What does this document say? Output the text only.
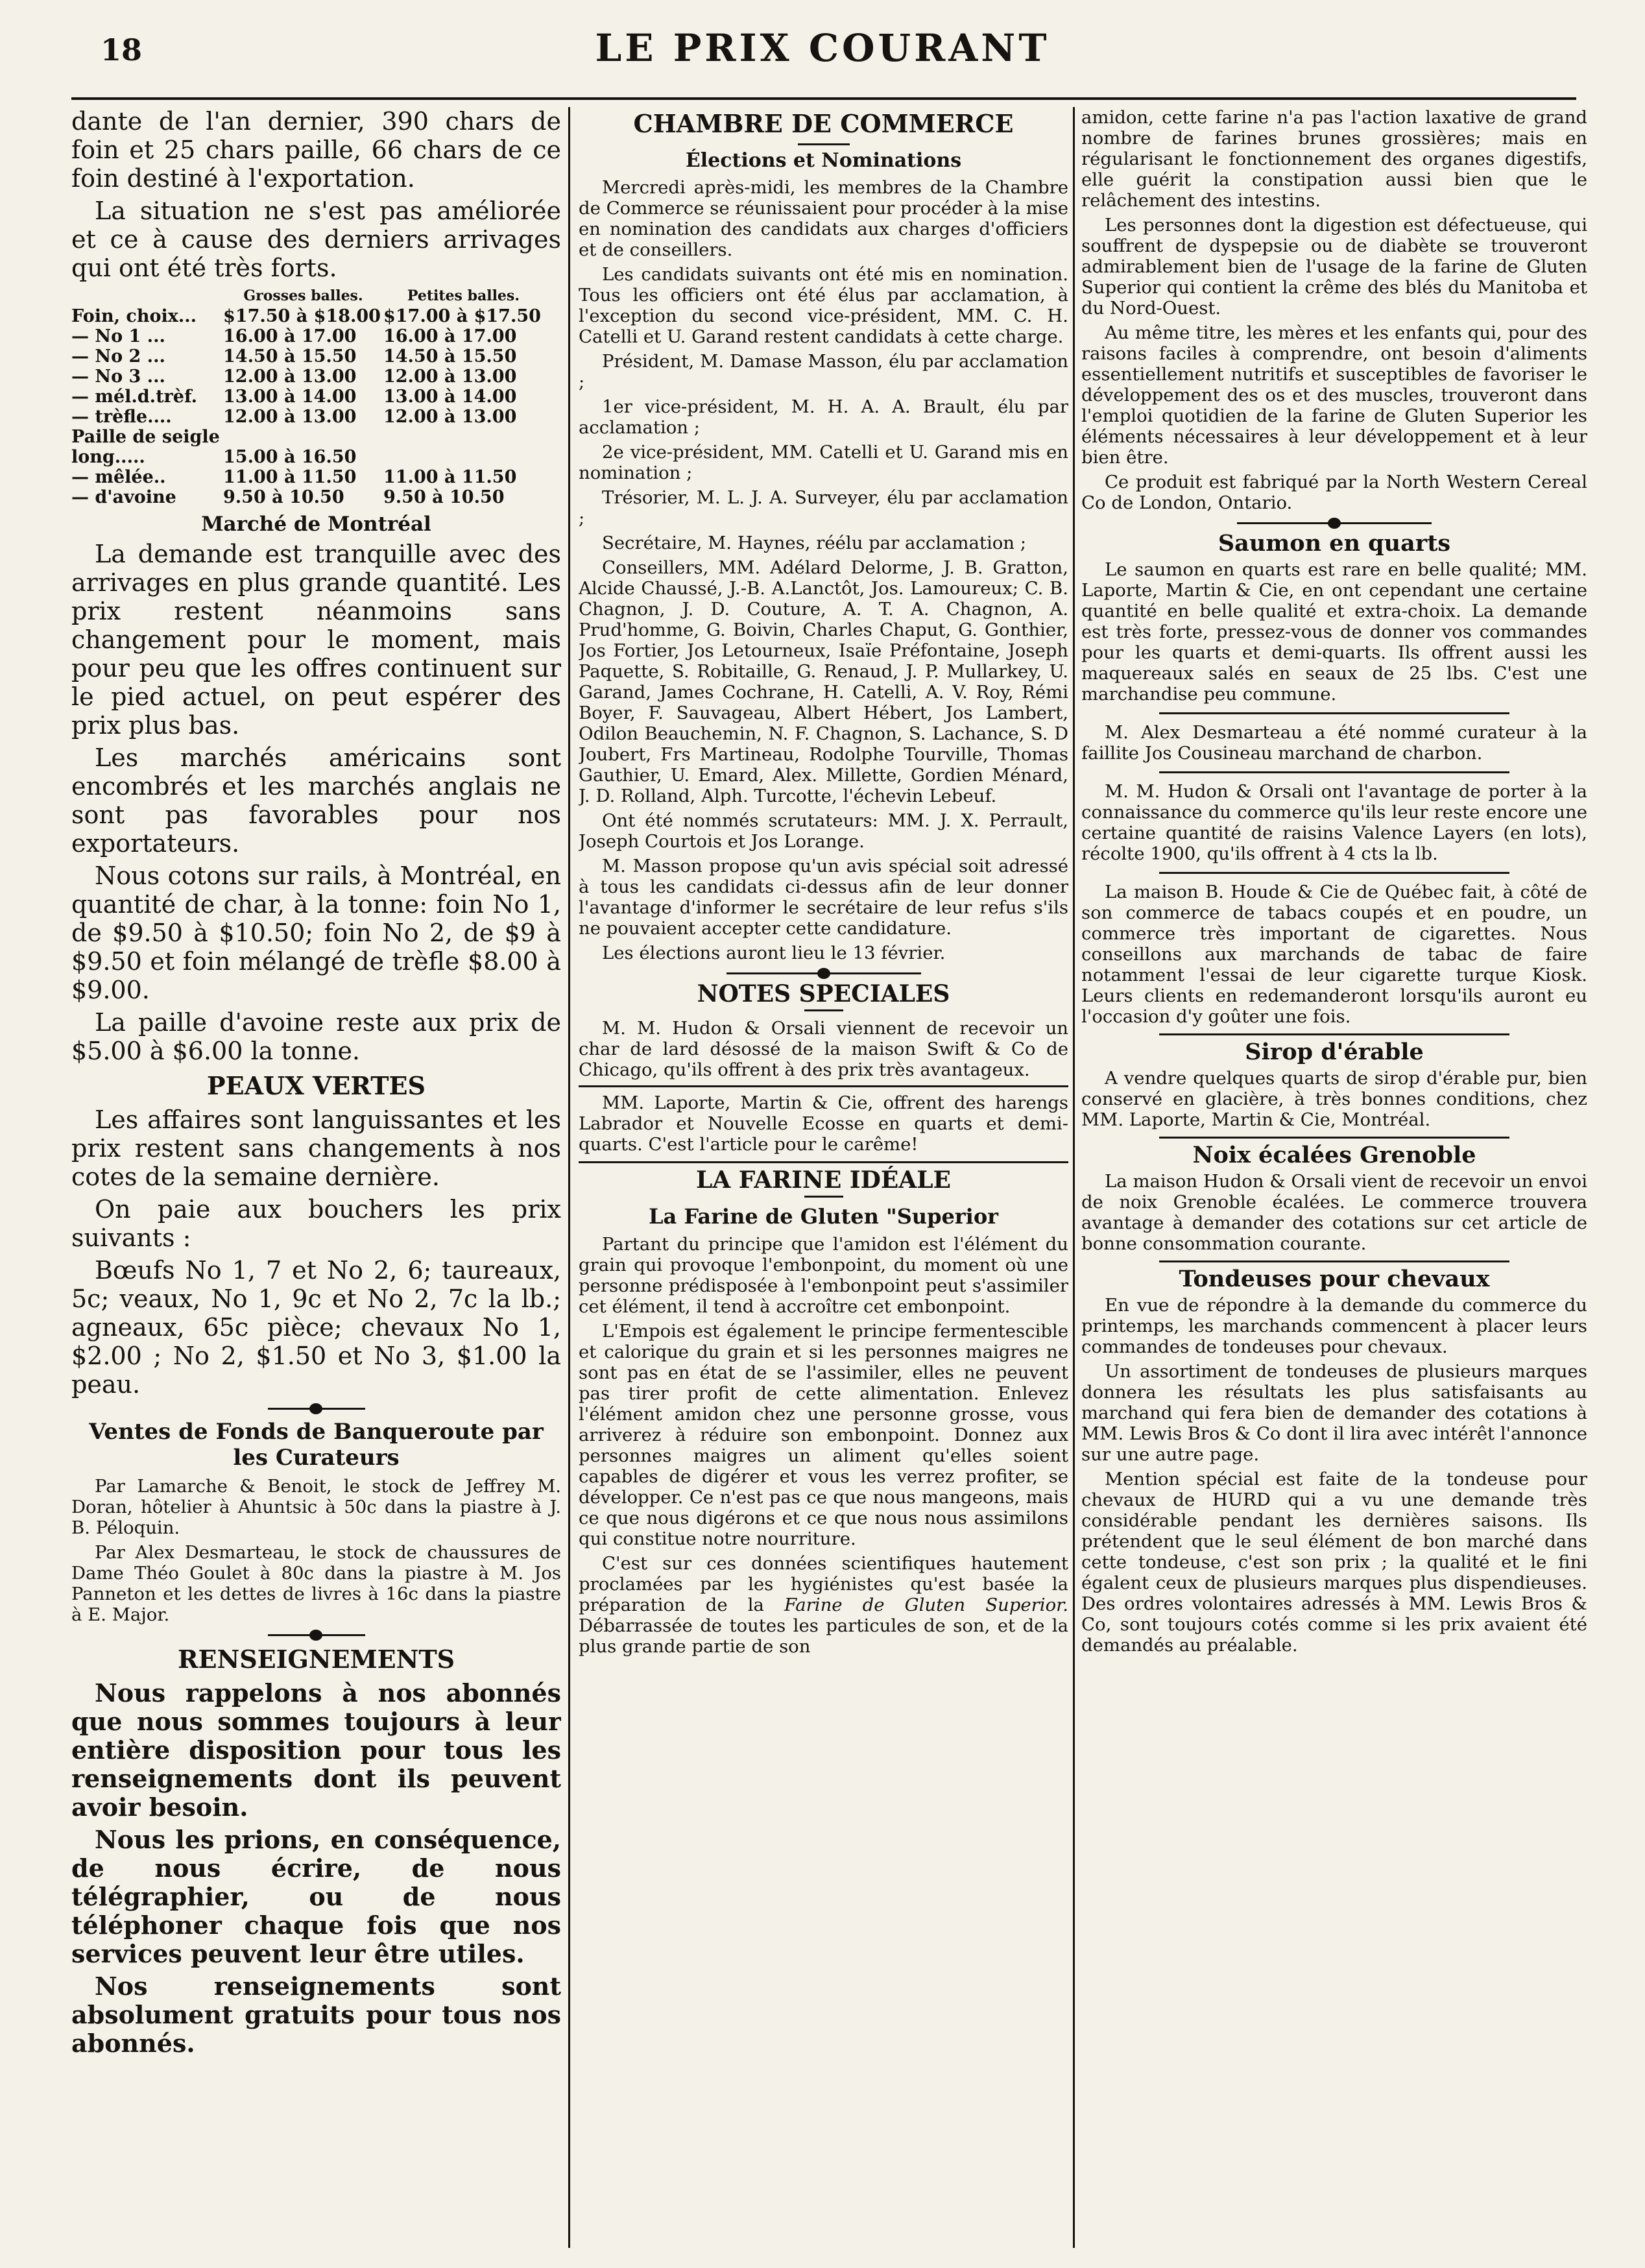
18	LE PRIX COURANT

dante de l'an dernier, 390 chars de foin et 25 chars paille, 66 chars de ce foin destiné à l'exportation.

La situation ne s'est pas améliorée et ce à cause des derniers arrivages qui ont été très forts.

	Grosses balles.	Petites balles.
Foin, choix...	$17.50 à $18.00	$17.00 à $17.50
— No 1 ...	16.00 à 17.00	16.00 à 17.00
— No 2 ...	14.50 à 15.50	14.50 à 15.50
— No 3 ...	12.00 à 13.00	12.00 à 13.00
— mél.d.trèf.	13.00 à 14.00	13.00 à 14.00
— trèfle....	12.00 à 13.00	12.00 à 13.00
Paille de seigle long.....	15.00 à 16.50	
— mêlée..	11.00 à 11.50	11.00 à 11.50
— d'avoine	9.50 à 10.50	9.50 à 10.50
Marché de Montréal

La demande est tranquille avec des arrivages en plus grande quantité. Les prix restent néanmoins sans changement pour le moment, mais pour peu que les offres continuent sur le pied actuel, on peut espérer des prix plus bas.

Les marchés américains sont encombrés et les marchés anglais ne sont pas favorables pour nos exportateurs.

Nous cotons sur rails, à Montréal, en quantité de char, à la tonne: foin No 1, de $9.50 à $10.50; foin No 2, de $9 à $9.50 et foin mélangé de trèfle $8.00 à $9.00.

La paille d'avoine reste aux prix de $5.00 à $6.00 la tonne.

PEAUX VERTES

Les affaires sont languissantes et les prix restent sans changements à nos cotes de la semaine dernière.

On paie aux bouchers les prix suivants :

Bœufs No 1, 7 et No 2, 6; taureaux, 5c; veaux, No 1, 9c et No 2, 7c la lb.; agneaux, 65c pièce; chevaux No 1, $2.00 ; No 2, $1.50 et No 3, $1.00 la peau.

Ventes de Fonds de Banqueroute par les Curateurs

Par Lamarche & Benoit, le stock de Jeffrey M. Doran, hôtelier à Ahuntsic à 50c dans la piastre à J. B. Péloquin.

Par Alex Desmarteau, le stock de chaussures de Dame Théo Goulet à 80c dans la piastre à M. Jos Panneton et les dettes de livres à 16c dans la piastre à E. Major.

RENSEIGNEMENTS

Nous rappelons à nos abonnés que nous sommes toujours à leur entière disposition pour tous les renseignements dont ils peuvent avoir besoin.

Nous les prions, en conséquence, de nous écrire, de nous télégraphier, ou de nous téléphoner chaque fois que nos services peuvent leur être utiles.

Nos renseignements sont absolument gratuits pour tous nos abonnés.

CHAMBRE DE COMMERCE
Élections et Nominations

Mercredi après-midi, les membres de la Chambre de Commerce se réunissaient pour procéder à la mise en nomination des candidats aux charges d'officiers et de conseillers.

Les candidats suivants ont été mis en nomination. Tous les officiers ont été élus par acclamation, à l'exception du second vice-président, MM. C. H. Catelli et U. Garand restent candidats à cette charge.

Président, M. Damase Masson, élu par acclamation ;

1er vice-président, M. H. A. A. Brault, élu par acclamation ;

2e vice-président, MM. Catelli et U. Garand mis en nomination ;

Trésorier, M. L. J. A. Surveyer, élu par acclamation ;

Secrétaire, M. Haynes, réélu par acclamation ;

Conseillers, MM. Adélard Delorme, J. B. Gratton, Alcide Chaussé, J.-B. A.Lanctôt, Jos. Lamoureux; C. B. Chagnon, J. D. Couture, A. T. A. Chagnon, A. Prud'homme, G. Boivin, Charles Chaput, G. Gonthier, Jos Fortier, Jos Letourneux, Isaïe Préfontaine, Joseph Paquette, S. Robitaille, G. Renaud, J. P. Mullarkey, U. Garand, James Cochrane, H. Catelli, A. V. Roy, Rémi Boyer, F. Sauvageau, Albert Hébert, Jos Lambert, Odilon Beauchemin, N. F. Chagnon, S. Lachance, S. D Joubert, Frs Martineau, Rodolphe Tourville, Thomas Gauthier, U. Emard, Alex. Millette, Gordien Ménard, J. D. Rolland, Alph. Turcotte, l'échevin Lebeuf.

Ont été nommés scrutateurs: MM. J. X. Perrault, Joseph Courtois et Jos Lorange.

M. Masson propose qu'un avis spécial soit adressé à tous les candidats ci-dessus afin de leur donner l'avantage d'informer le secrétaire de leur refus s'ils ne pouvaient accepter cette candidature.

Les élections auront lieu le 13 février.

NOTES SPECIALES

M. M. Hudon & Orsali viennent de recevoir un char de lard désossé de la maison Swift & Co de Chicago, qu'ils offrent à des prix très avantageux.

MM. Laporte, Martin & Cie, offrent des harengs Labrador et Nouvelle Ecosse en quarts et demi-quarts. C'est l'article pour le carême!

LA FARINE IDÉALE
La Farine de Gluten "Superior

Partant du principe que l'amidon est l'élément du grain qui provoque l'embonpoint, du moment où une personne prédisposée à l'embonpoint peut s'assimiler cet élément, il tend à accroître cet embonpoint.

L'Empois est également le principe fermentescible et calorique du grain et si les personnes maigres ne sont pas en état de se l'assimiler, elles ne peuvent pas tirer profit de cette alimentation. Enlevez l'élément amidon chez une personne grosse, vous arriverez à réduire son embonpoint. Donnez aux personnes maigres un aliment qu'elles soient capables de digérer et vous les verrez profiter, se développer. Ce n'est pas ce que nous mangeons, mais ce que nous digérons et ce que nous nous assimilons qui constitue notre nourriture.

C'est sur ces données scientifiques hautement proclamées par les hygiénistes qu'est basée la préparation de la Farine de Gluten Superior. Débarrassée de toutes les particules de son, et de la plus grande partie de son

amidon, cette farine n'a pas l'action laxative de grand nombre de farines brunes grossières; mais en régularisant le fonctionnement des organes digestifs, elle guérit la constipation aussi bien que le relâchement des intestins.

Les personnes dont la digestion est défectueuse, qui souffrent de dyspepsie ou de diabète se trouveront admirablement bien de l'usage de la farine de Gluten Superior qui contient la crême des blés du Manitoba et du Nord-Ouest.

Au même titre, les mères et les enfants qui, pour des raisons faciles à comprendre, ont besoin d'aliments essentiellement nutritifs et susceptibles de favoriser le développement des os et des muscles, trouveront dans l'emploi quotidien de la farine de Gluten Superior les éléments nécessaires à leur développement et à leur bien être.

Ce produit est fabriqué par la North Western Cereal Co de London, Ontario.

Saumon en quarts

Le saumon en quarts est rare en belle qualité; MM. Laporte, Martin & Cie, en ont cependant une certaine quantité en belle qualité et extra-choix. La demande est très forte, pressez-vous de donner vos commandes pour les quarts et demi-quarts. Ils offrent aussi les maquereaux salés en seaux de 25 lbs. C'est une marchandise peu commune.

M. Alex Desmarteau a été nommé curateur à la faillite Jos Cousineau marchand de charbon.

M. M. Hudon & Orsali ont l'avantage de porter à la connaissance du commerce qu'ils leur reste encore une certaine quantité de raisins Valence Layers (en lots), récolte 1900, qu'ils offrent à 4 cts la lb.

La maison B. Houde & Cie de Québec fait, à côté de son commerce de tabacs coupés et en poudre, un commerce très important de cigarettes. Nous conseillons aux marchands de tabac de faire notamment l'essai de leur cigarette turque Kiosk. Leurs clients en redemanderont lorsqu'ils auront eu l'occasion d'y goûter une fois.

Sirop d'érable

A vendre quelques quarts de sirop d'érable pur, bien conservé en glacière, à très bonnes conditions, chez MM. Laporte, Martin & Cie, Montréal.

Noix écalées Grenoble

La maison Hudon & Orsali vient de recevoir un envoi de noix Grenoble écalées. Le commerce trouvera avantage à demander des cotations sur cet article de bonne consommation courante.

Tondeuses pour chevaux

En vue de répondre à la demande du commerce du printemps, les marchands commencent à placer leurs commandes de tondeuses pour chevaux.

Un assortiment de tondeuses de plusieurs marques donnera les résultats les plus satisfaisants au marchand qui fera bien de demander des cotations à MM. Lewis Bros & Co dont il lira avec intérêt l'annonce sur une autre page.

Mention spécial est faite de la tondeuse pour chevaux de HURD qui a vu une demande très considérable pendant les dernières saisons. Ils prétendent que le seul élément de bon marché dans cette tondeuse, c'est son prix ; la qualité et le fini égalent ceux de plusieurs marques plus dispendieuses. Des ordres volontaires adressés à MM. Lewis Bros & Co, sont toujours cotés comme si les prix avaient été demandés au préalable.
